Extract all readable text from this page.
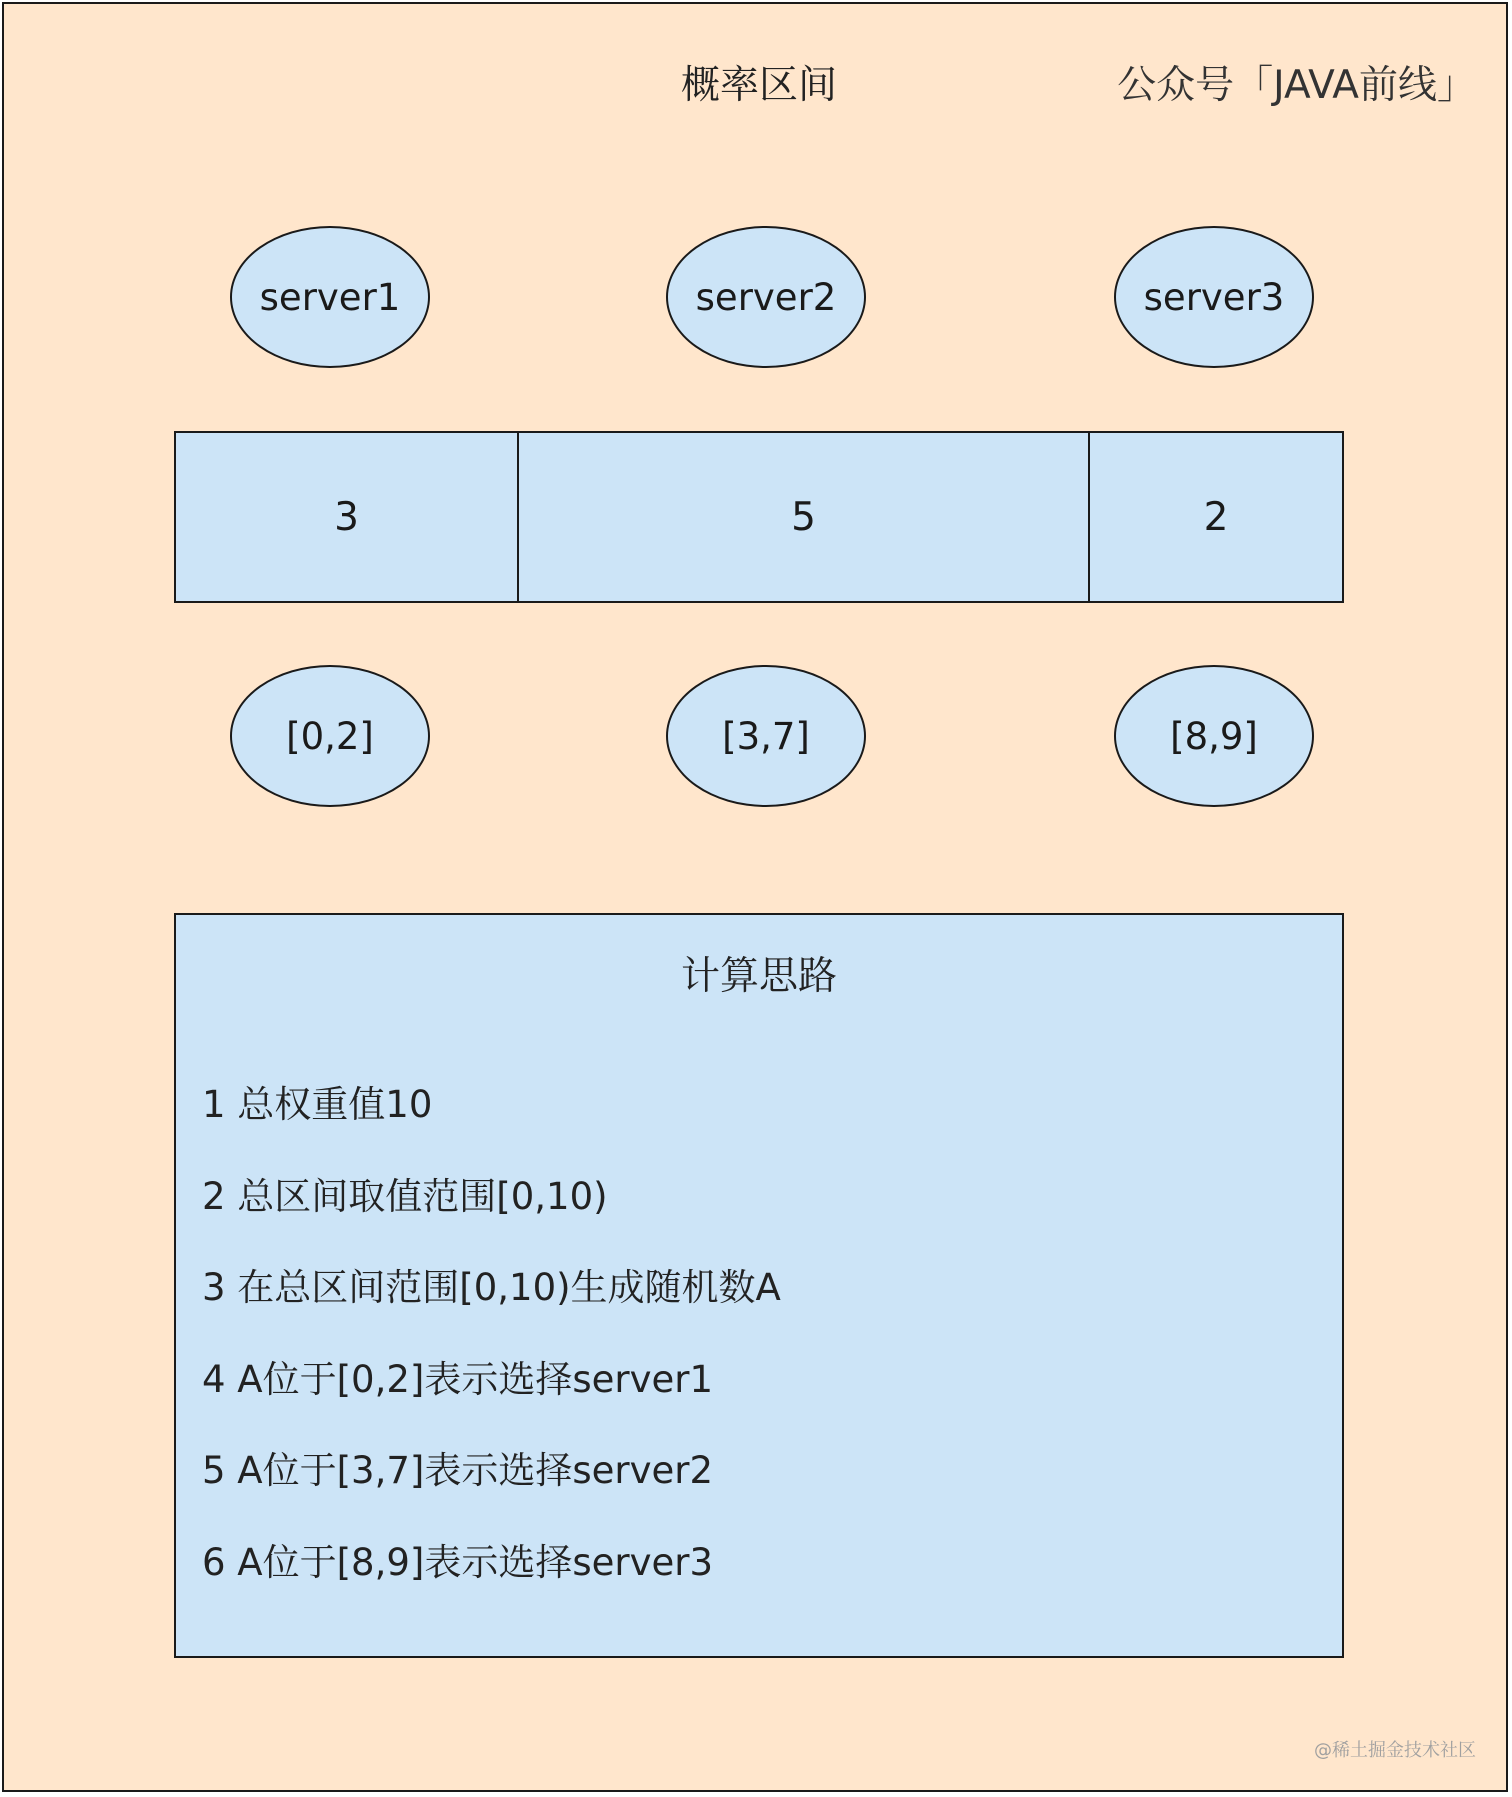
概率区间	公众号「JAVA前线」
server1	server2	server3
3	5	2
[0,2]	[3,7]	[8,9]
计算思路
1 总权重值10
2 总区间取值范围[0,10)
3 在总区间范围[0,10)生成随机数A
4 A位于[0,2]表示选择server1
5 A位于[3,7]表示选择server2
6 A位于[8,9]表示选择server3
@稀土掘金技术社区
